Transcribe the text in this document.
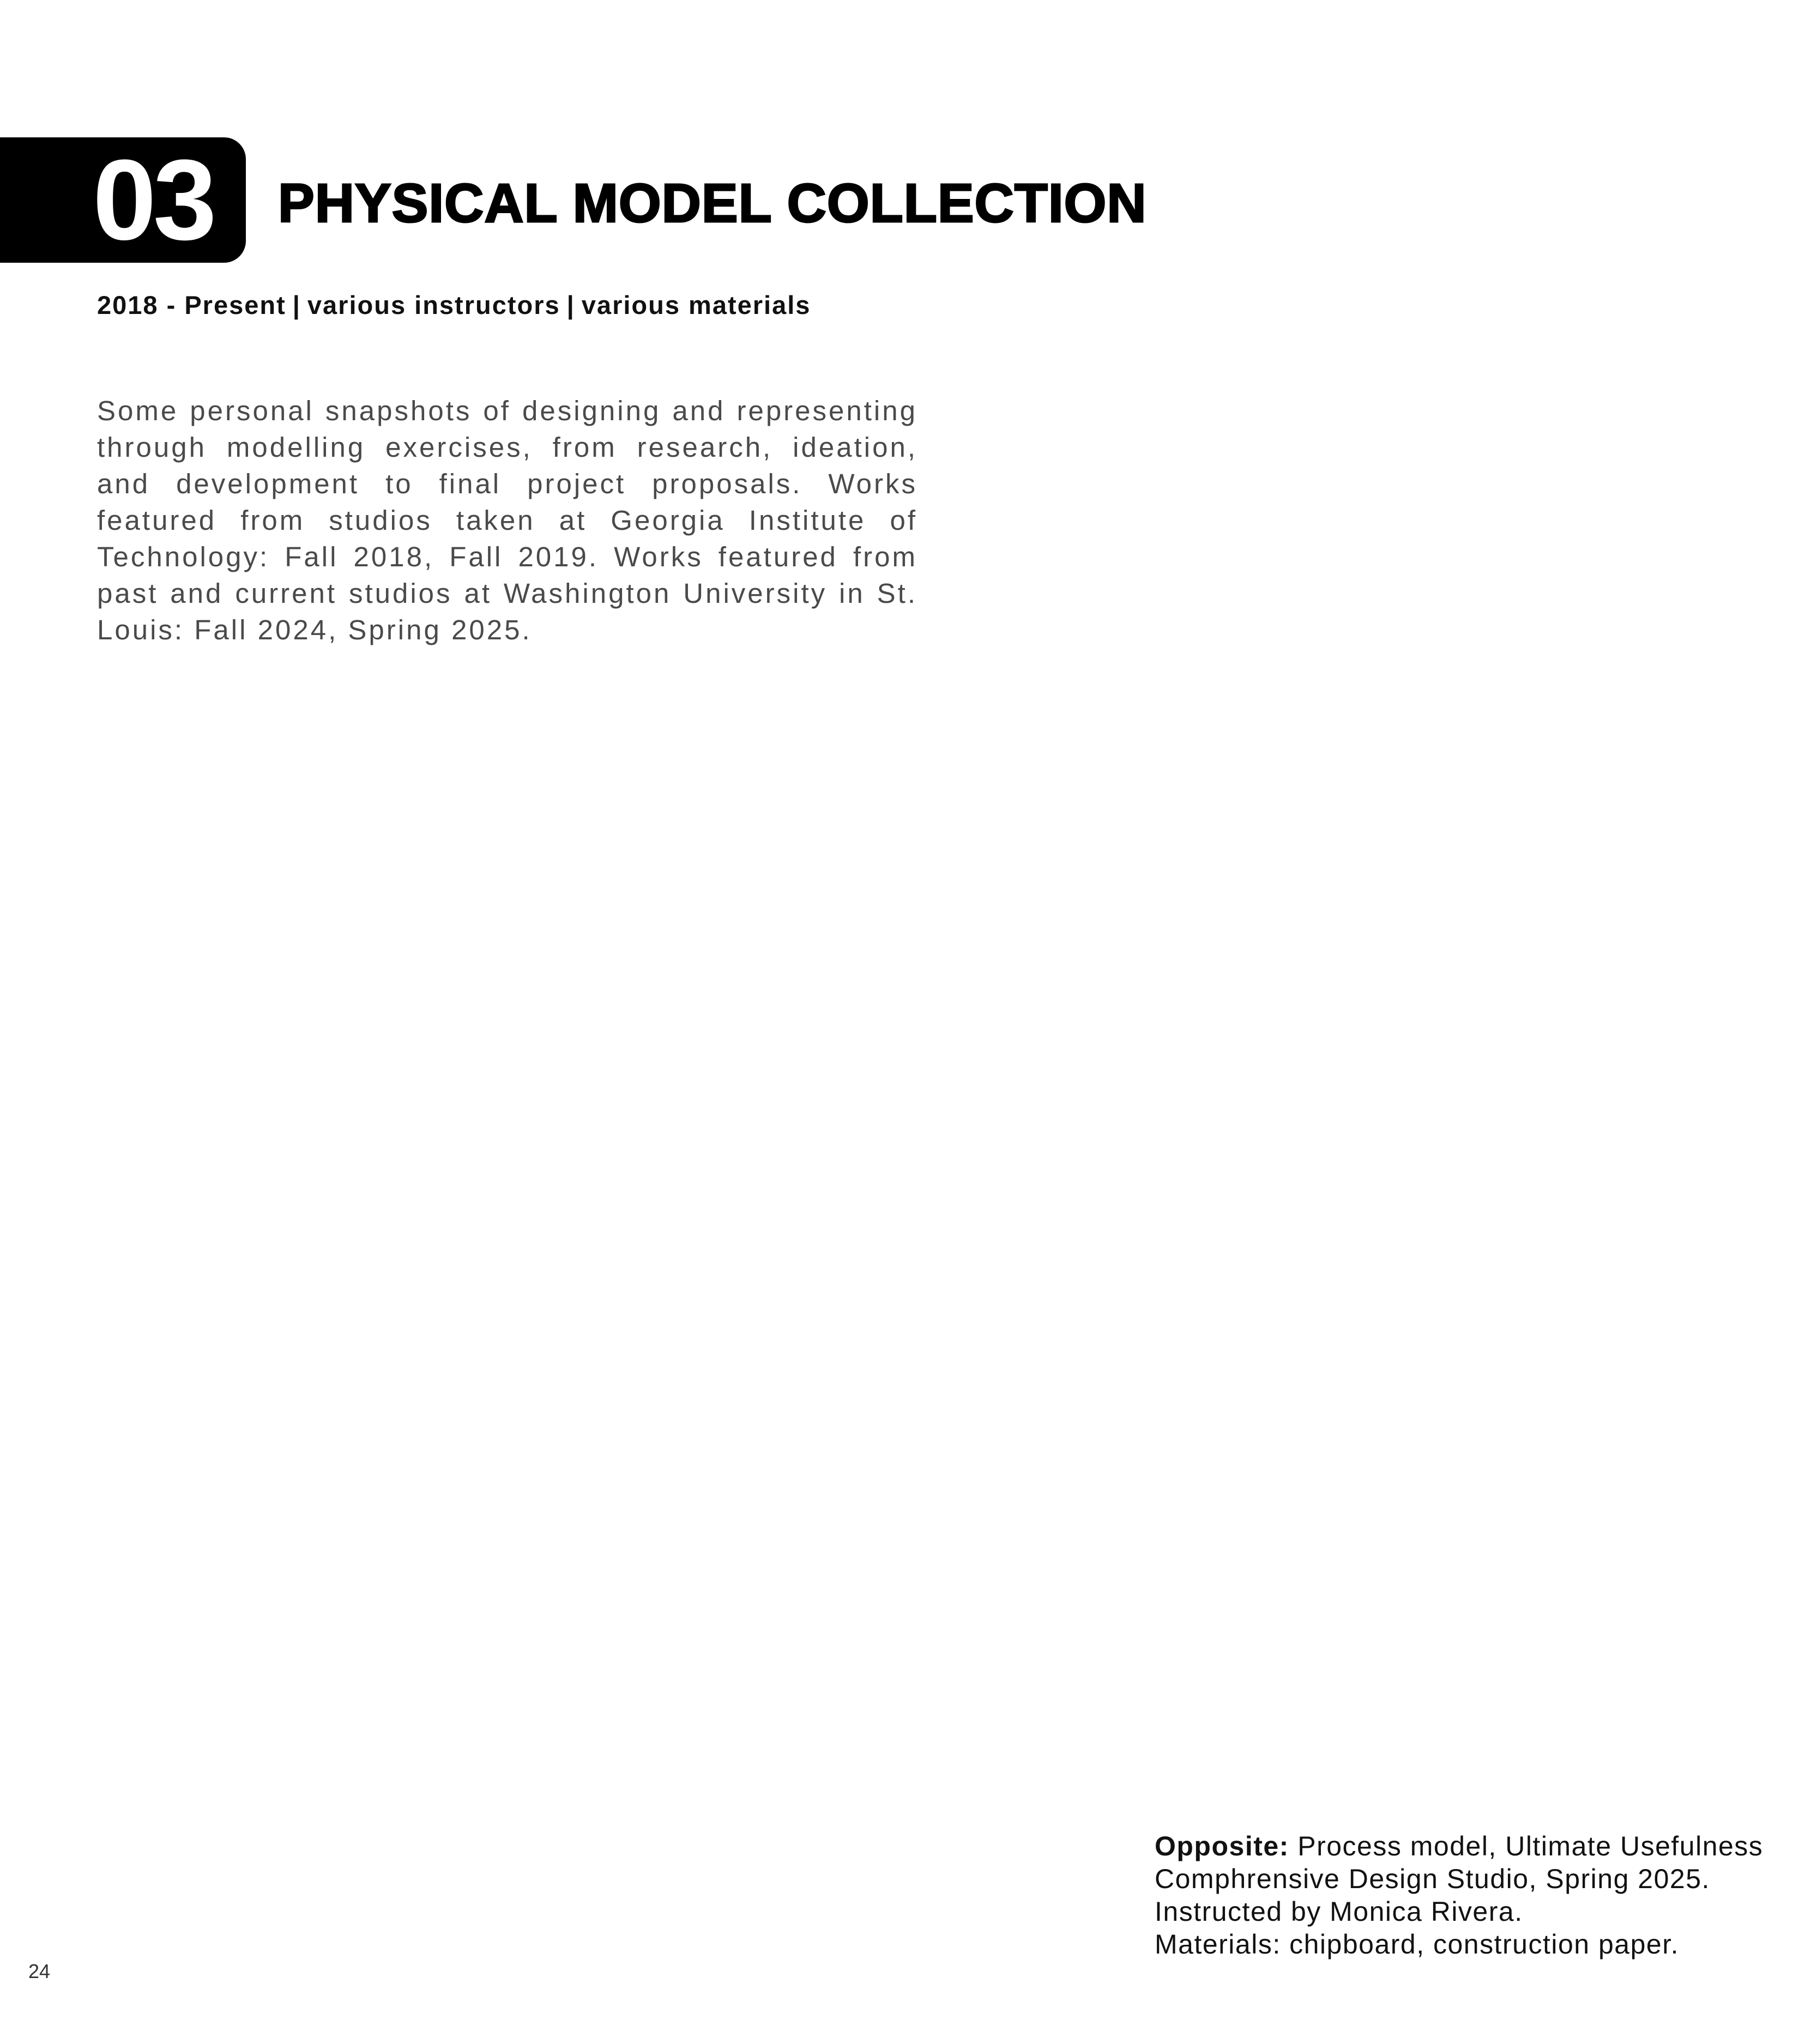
03 PHYSICAL MODEL COLLECTION
2018 - Present | various instructors | various materials

Some personal snapshots of designing and representing through modelling exercises, from research, ideation, and development to final project proposals. Works featured from studios taken at Georgia Institute of Technology: Fall 2018, Fall 2019. Works featured from past and current studios at Washington University in St. Louis: Fall 2024, Spring 2025.

Opposite: Process model, Ultimate Usefulness
Comphrensive Design Studio, Spring 2025.
Instructed by Monica Rivera.
Materials: chipboard, construction paper.

24
